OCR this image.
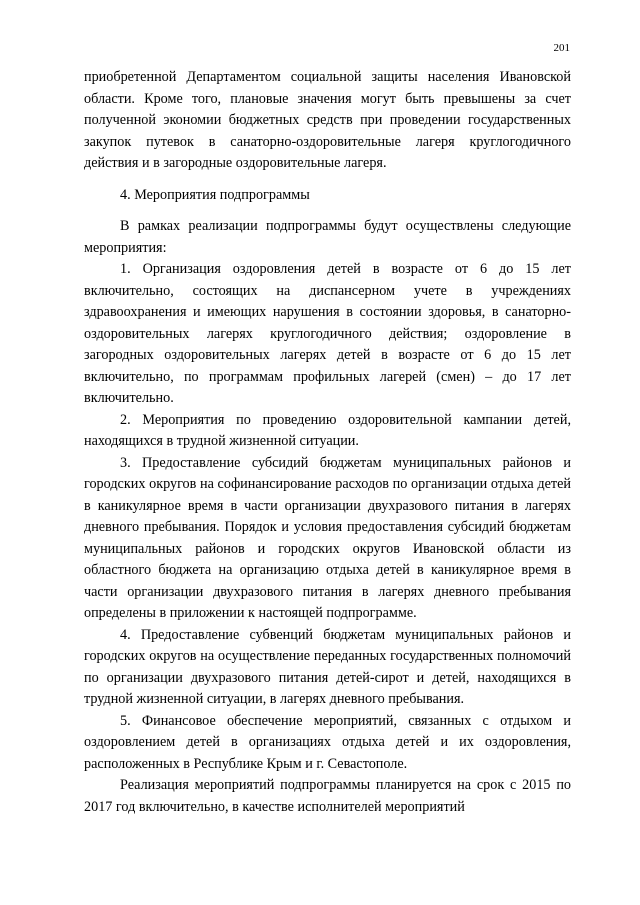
201

приобретенной Департаментом социальной защиты населения Ивановской области. Кроме того, плановые значения могут быть превышены за счет полученной экономии бюджетных средств при проведении государственных закупок путевок в санаторно-оздоровительные лагеря круглогодичного действия и в загородные оздоровительные лагеря.

4. Мероприятия подпрограммы

В рамках реализации подпрограммы будут осуществлены следующие мероприятия:

1. Организация оздоровления детей в возрасте от 6 до 15 лет включительно, состоящих на диспансерном учете в учреждениях здравоохранения и имеющих нарушения в состоянии здоровья, в санаторно-оздоровительных лагерях круглогодичного действия; оздоровление в загородных оздоровительных лагерях детей в возрасте от 6 до 15 лет включительно, по программам профильных лагерей (смен) – до 17 лет включительно.

2. Мероприятия по проведению оздоровительной кампании детей, находящихся в трудной жизненной ситуации.

3. Предоставление субсидий бюджетам муниципальных районов и городских округов на софинансирование расходов по организации отдыха детей в каникулярное время в части организации двухразового питания в лагерях дневного пребывания. Порядок и условия предоставления субсидий бюджетам муниципальных районов и городских округов Ивановской области из областного бюджета на организацию отдыха детей в каникулярное время в части организации двухразового питания в лагерях дневного пребывания определены в приложении к настоящей подпрограмме.

4. Предоставление субвенций бюджетам муниципальных районов и городских округов на осуществление переданных государственных полномочий по организации двухразового питания детей-сирот и детей, находящихся в трудной жизненной ситуации, в лагерях дневного пребывания.

5. Финансовое обеспечение мероприятий, связанных с отдыхом и оздоровлением детей в организациях отдыха детей и их оздоровления, расположенных в Республике Крым и г. Севастополе.

Реализация мероприятий подпрограммы планируется на срок с 2015 по 2017 год включительно, в качестве исполнителей мероприятий
